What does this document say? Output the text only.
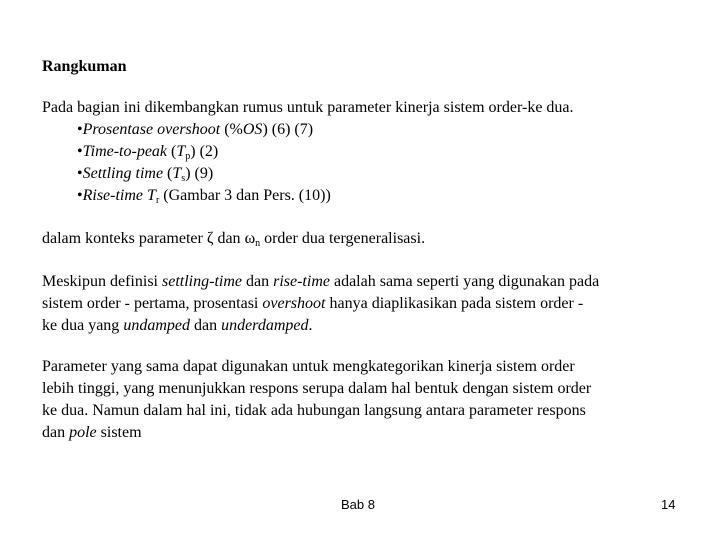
Rangkuman

Pada bagian ini dikembangkan rumus untuk parameter kinerja sistem order-ke dua.

•Prosentase overshoot (%OS) (6) (7)
•Time-to-peak $(T_p)$ (2)
•Settling time $(T_s)$ (9)
•Rise-time $T_r$ (Gambar 3 dan Pers. (10))

dalam konteks parameter ζ dan $\omega_n$ order dua tergeneralisasi.

Meskipun definisi settling-time dan rise-time adalah sama seperti yang digunakan pada
sistem order - pertama, prosentasi overshoot hanya diaplikasikan pada sistem order -
ke dua yang undamped dan underdamped.
Parameter yang sama dapat digunakan untuk mengkategorikan kinerja sistem order
lebih tinggi, yang menunjukkan respons serupa dalam hal bentuk dengan sistem order
ke dua. Namun dalam hal ini, tidak ada hubungan langsung antara parameter respons
dan pole sistem
Bab 8	14
